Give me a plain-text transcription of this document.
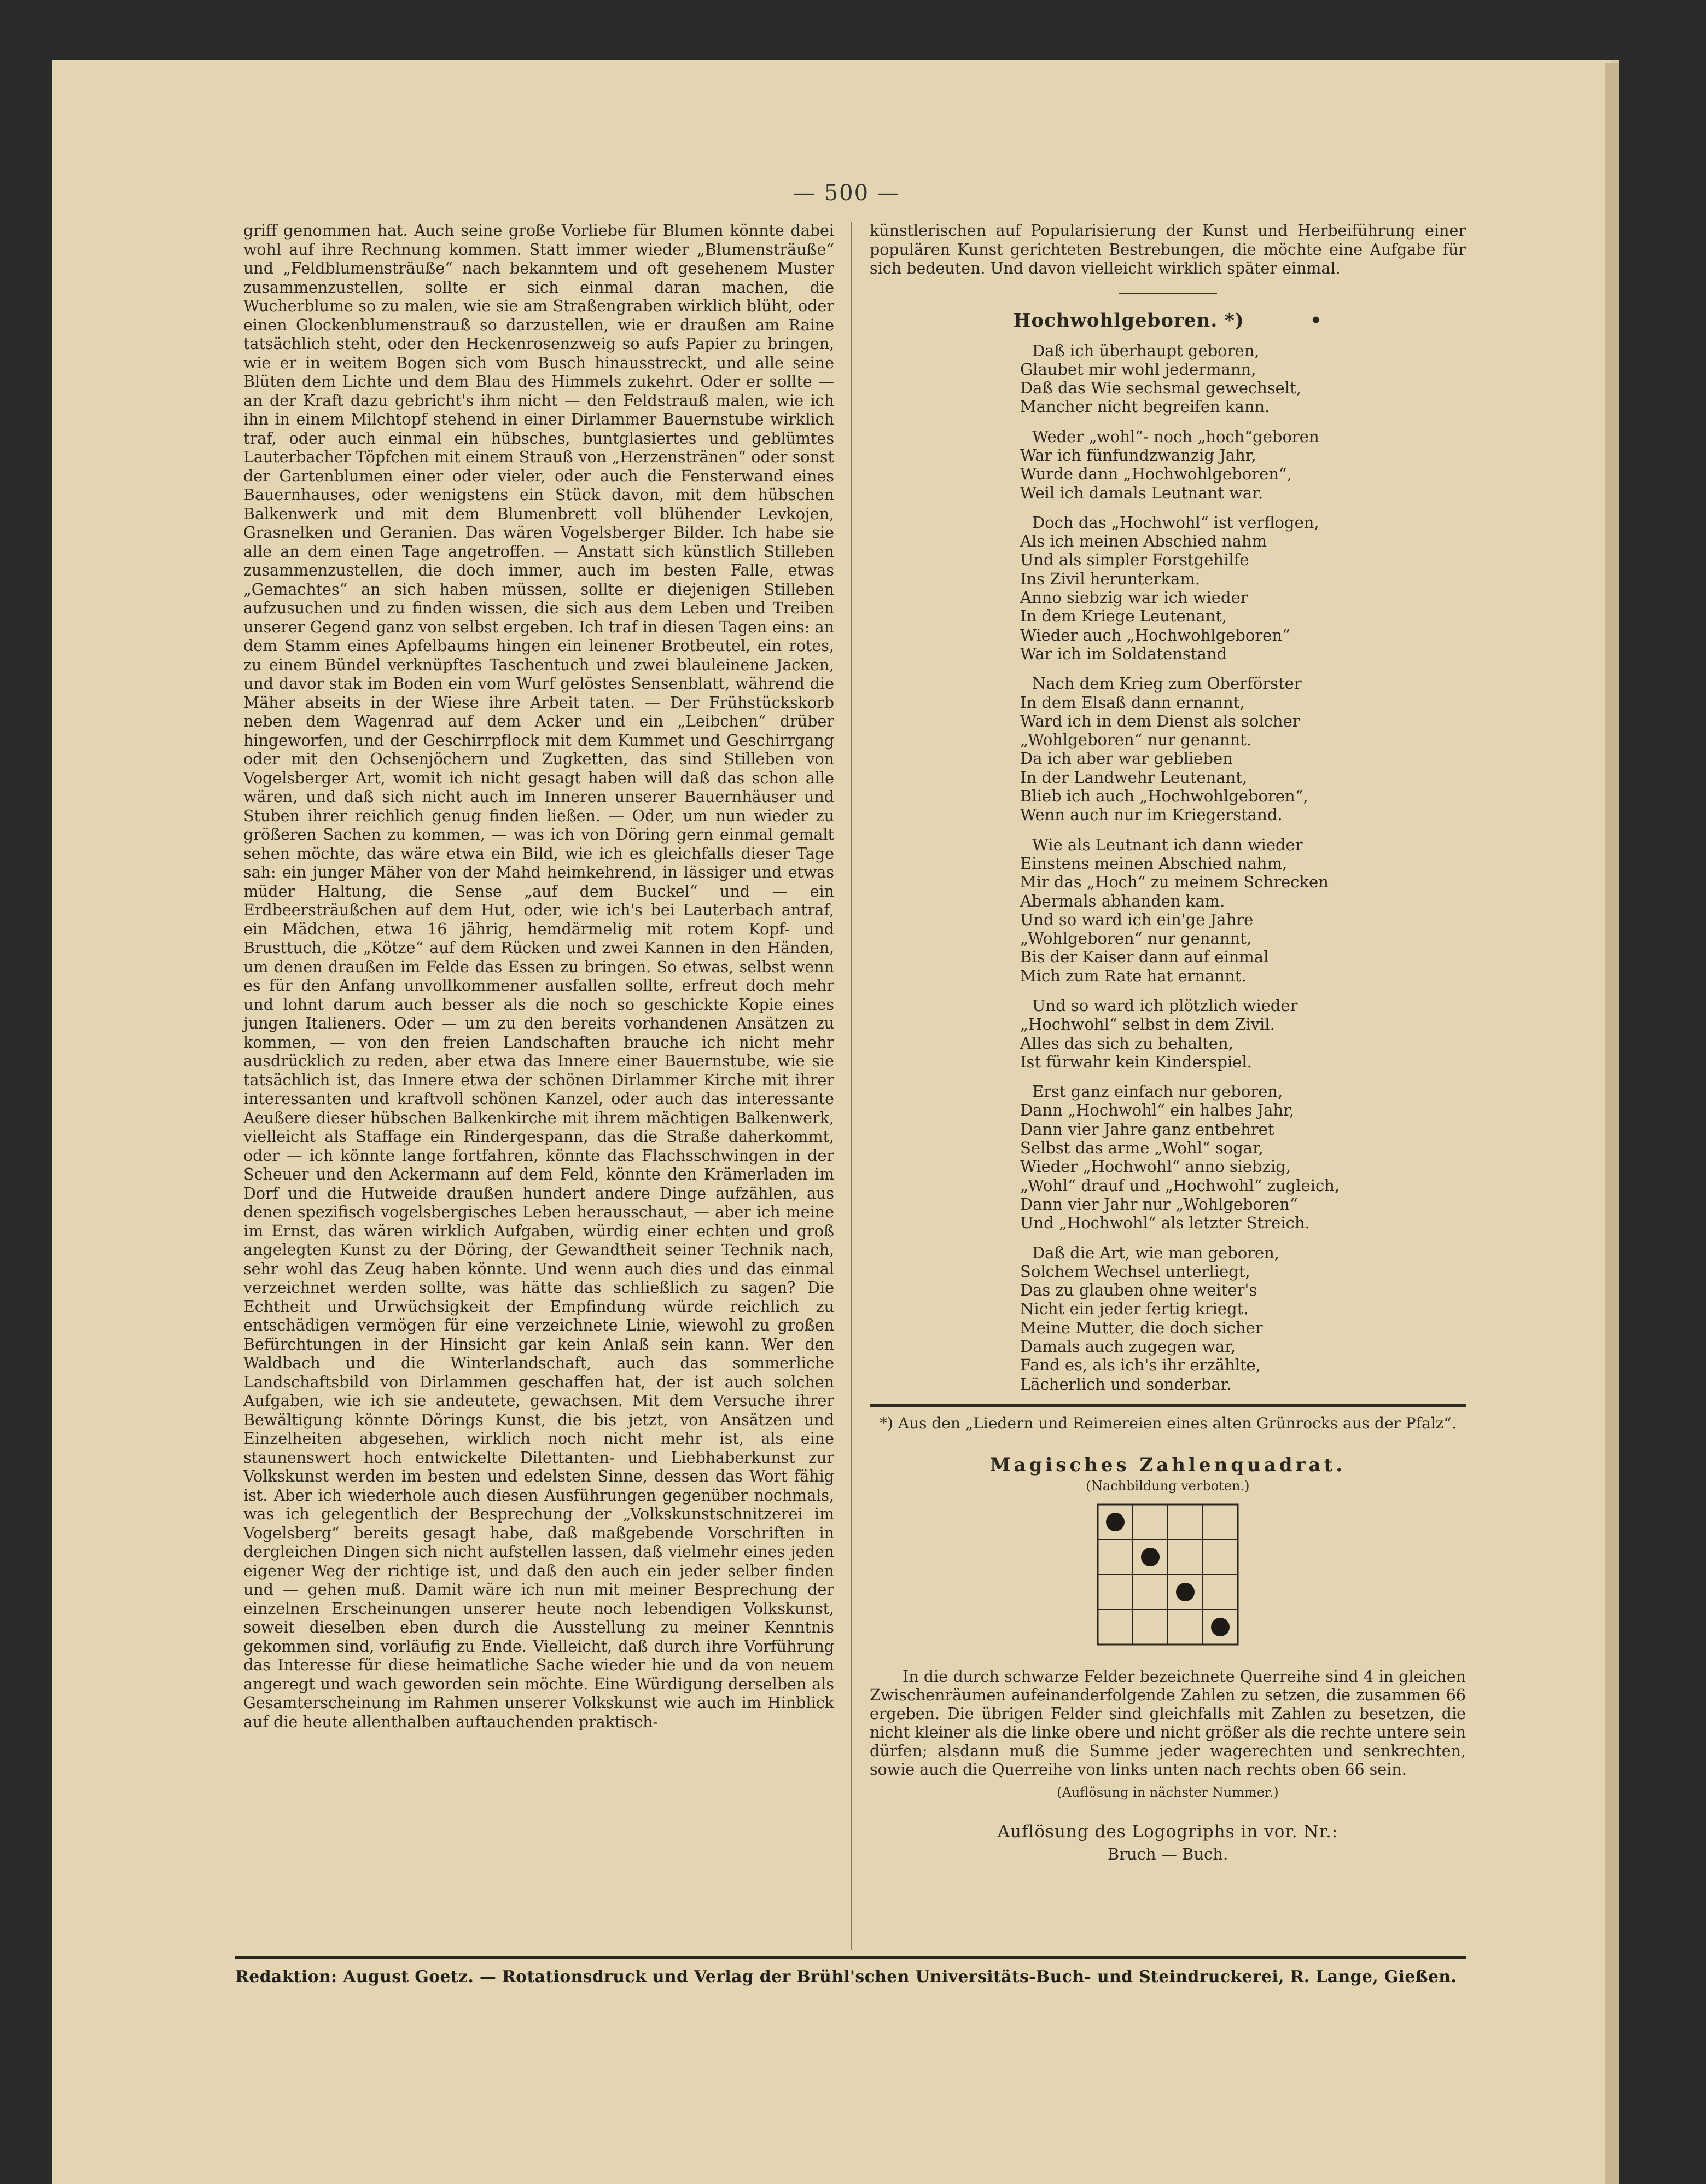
— 500 —

griff genommen hat. Auch seine große Vorliebe für Blumen könnte dabei wohl auf ihre Rechnung kommen. Statt immer wieder „Blumensträuße“ und „Feldblumensträuße“ nach bekanntem und oft gesehenem Muster zusammenzustellen, sollte er sich einmal daran machen, die Wucherblume so zu malen, wie sie am Straßengraben wirklich blüht, oder einen Glockenblumenstrauß so darzustellen, wie er draußen am Raine tatsächlich steht, oder den Heckenrosenzweig so aufs Papier zu bringen, wie er in weitem Bogen sich vom Busch hinausstreckt, und alle seine Blüten dem Lichte und dem Blau des Himmels zukehrt. Oder er sollte — an der Kraft dazu gebricht's ihm nicht — den Feldstrauß malen, wie ich ihn in einem Milchtopf stehend in einer Dirlammer Bauernstube wirklich traf, oder auch einmal ein hübsches, buntglasiertes und geblümtes Lauterbacher Töpfchen mit einem Strauß von „Herzenstränen“ oder sonst der Gartenblumen einer oder vieler, oder auch die Fensterwand eines Bauernhauses, oder wenigstens ein Stück davon, mit dem hübschen Balkenwerk und mit dem Blumenbrett voll blühender Levkojen, Grasnelken und Geranien. Das wären Vogelsberger Bilder. Ich habe sie alle an dem einen Tage angetroffen. — Anstatt sich künstlich Stilleben zusammenzustellen, die doch immer, auch im besten Falle, etwas „Gemachtes“ an sich haben müssen, sollte er diejenigen Stilleben aufzusuchen und zu finden wissen, die sich aus dem Leben und Treiben unserer Gegend ganz von selbst ergeben. Ich traf in diesen Tagen eins: an dem Stamm eines Apfelbaums hingen ein leinener Brotbeutel, ein rotes, zu einem Bündel verknüpftes Taschentuch und zwei blauleinene Jacken, und davor stak im Boden ein vom Wurf gelöstes Sensenblatt, während die Mäher abseits in der Wiese ihre Arbeit taten. — Der Frühstückskorb neben dem Wagenrad auf dem Acker und ein „Leibchen“ drüber hingeworfen, und der Geschirrpflock mit dem Kummet und Geschirrgang oder mit den Ochsenjöchern und Zugketten, das sind Stilleben von Vogelsberger Art, womit ich nicht gesagt haben will daß das schon alle wären, und daß sich nicht auch im Inneren unserer Bauernhäuser und Stuben ihrer reichlich genug finden ließen. — Oder, um nun wieder zu größeren Sachen zu kommen, — was ich von Döring gern einmal gemalt sehen möchte, das wäre etwa ein Bild, wie ich es gleichfalls dieser Tage sah: ein junger Mäher von der Mahd heimkehrend, in lässiger und etwas müder Haltung, die Sense „auf dem Buckel“ und — ein Erdbeersträußchen auf dem Hut, oder, wie ich's bei Lauterbach antraf, ein Mädchen, etwa 16 jährig, hemdärmelig mit rotem Kopf- und Brusttuch, die „Kötze“ auf dem Rücken und zwei Kannen in den Händen, um denen draußen im Felde das Essen zu bringen. So etwas, selbst wenn es für den Anfang unvollkommener ausfallen sollte, erfreut doch mehr und lohnt darum auch besser als die noch so geschickte Kopie eines jungen Italieners. Oder — um zu den bereits vorhandenen Ansätzen zu kommen, — von den freien Landschaften brauche ich nicht mehr ausdrücklich zu reden, aber etwa das Innere einer Bauernstube, wie sie tatsächlich ist, das Innere etwa der schönen Dirlammer Kirche mit ihrer interessanten und kraftvoll schönen Kanzel, oder auch das interessante Aeußere dieser hübschen Balkenkirche mit ihrem mächtigen Balkenwerk, vielleicht als Staffage ein Rindergespann, das die Straße daherkommt, oder — ich könnte lange fortfahren, könnte das Flachsschwingen in der Scheuer und den Ackermann auf dem Feld, könnte den Krämerladen im Dorf und die Hutweide draußen hundert andere Dinge aufzählen, aus denen spezifisch vogelsbergisches Leben herausschaut, — aber ich meine im Ernst, das wären wirklich Aufgaben, würdig einer echten und groß angelegten Kunst zu der Döring, der Gewandtheit seiner Technik nach, sehr wohl das Zeug haben könnte. Und wenn auch dies und das einmal verzeichnet werden sollte, was hätte das schließlich zu sagen? Die Echtheit und Urwüchsigkeit der Empfindung würde reichlich zu entschädigen vermögen für eine verzeichnete Linie, wiewohl zu großen Befürchtungen in der Hinsicht gar kein Anlaß sein kann. Wer den Waldbach und die Winterlandschaft, auch das sommerliche Landschaftsbild von Dirlammen geschaffen hat, der ist auch solchen Aufgaben, wie ich sie andeutete, gewachsen. Mit dem Versuche ihrer Bewältigung könnte Dörings Kunst, die bis jetzt, von Ansätzen und Einzelheiten abgesehen, wirklich noch nicht mehr ist, als eine staunenswert hoch entwickelte Dilettanten- und Liebhaberkunst zur Volkskunst werden im besten und edelsten Sinne, dessen das Wort fähig ist. Aber ich wiederhole auch diesen Ausführungen gegenüber nochmals, was ich gelegentlich der Besprechung der „Volkskunstschnitzerei im Vogelsberg“ bereits gesagt habe, daß maßgebende Vorschriften in dergleichen Dingen sich nicht aufstellen lassen, daß vielmehr eines jeden eigener Weg der richtige ist, und daß den auch ein jeder selber finden und — gehen muß. Damit wäre ich nun mit meiner Besprechung der einzelnen Erscheinungen unserer heute noch lebendigen Volkskunst, soweit dieselben eben durch die Ausstellung zu meiner Kenntnis gekommen sind, vorläufig zu Ende. Vielleicht, daß durch ihre Vorführung das Interesse für diese heimatliche Sache wieder hie und da von neuem angeregt und wach geworden sein möchte. Eine Würdigung derselben als Gesamterscheinung im Rahmen unserer Volkskunst wie auch im Hinblick auf die heute allenthalben auftauchenden praktisch-

künstlerischen auf Popularisierung der Kunst und Herbeiführung einer populären Kunst gerichteten Bestrebungen, die möchte eine Aufgabe für sich bedeuten. Und davon vielleicht wirklich später einmal.

Hochwohlgeboren. *)	•
Daß ich überhaupt geboren,
Glaubet mir wohl jedermann,
Daß das Wie sechsmal gewechselt,
Mancher nicht begreifen kann.
Weder „wohl“- noch „hoch“geboren
War ich fünfundzwanzig Jahr,
Wurde dann „Hochwohlgeboren“,
Weil ich damals Leutnant war.
Doch das „Hochwohl“ ist verflogen,
Als ich meinen Abschied nahm
Und als simpler Forstgehilfe
Ins Zivil herunterkam.
Anno siebzig war ich wieder
In dem Kriege Leutenant,
Wieder auch „Hochwohlgeboren“
War ich im Soldatenstand
Nach dem Krieg zum Oberförster
In dem Elsaß dann ernannt,
Ward ich in dem Dienst als solcher
„Wohlgeboren“ nur genannt.
Da ich aber war geblieben
In der Landwehr Leutenant,
Blieb ich auch „Hochwohlgeboren“,
Wenn auch nur im Kriegerstand.
Wie als Leutnant ich dann wieder
Einstens meinen Abschied nahm,
Mir das „Hoch“ zu meinem Schrecken
Abermals abhanden kam.
Und so ward ich ein'ge Jahre
„Wohlgeboren“ nur genannt,
Bis der Kaiser dann auf einmal
Mich zum Rate hat ernannt.
Und so ward ich plötzlich wieder
„Hochwohl“ selbst in dem Zivil.
Alles das sich zu behalten,
Ist fürwahr kein Kinderspiel.
Erst ganz einfach nur geboren,
Dann „Hochwohl“ ein halbes Jahr,
Dann vier Jahre ganz entbehret
Selbst das arme „Wohl“ sogar,
Wieder „Hochwohl“ anno siebzig,
„Wohl“ drauf und „Hochwohl“ zugleich,
Dann vier Jahr nur „Wohlgeboren“
Und „Hochwohl“ als letzter Streich.
Daß die Art, wie man geboren,
Solchem Wechsel unterliegt,
Das zu glauben ohne weiter's
Nicht ein jeder fertig kriegt.
Meine Mutter, die doch sicher
Damals auch zugegen war,
Fand es, als ich's ihr erzählte,
Lächerlich und sonderbar.

*) Aus den „Liedern und Reimereien eines alten Grünrocks aus der Pfalz“.

Magisches Zahlenquadrat.

(Nachbildung verboten.)

In die durch schwarze Felder bezeichnete Querreihe sind 4 in gleichen Zwischenräumen aufeinanderfolgende Zahlen zu setzen, die zusammen 66 ergeben. Die übrigen Felder sind gleichfalls mit Zahlen zu besetzen, die nicht kleiner als die linke obere und nicht größer als die rechte untere sein dürfen; alsdann muß die Summe jeder wagerechten und senkrechten, sowie auch die Querreihe von links unten nach rechts oben 66 sein.

(Auflösung in nächster Nummer.)

Auflösung des Logogriphs in vor. Nr.:

Bruch — Buch.

Redaktion: August Goetz. — Rotationsdruck und Verlag der Brühl'schen Universitäts-Buch- und Steindruckerei, R. Lange, Gießen.
